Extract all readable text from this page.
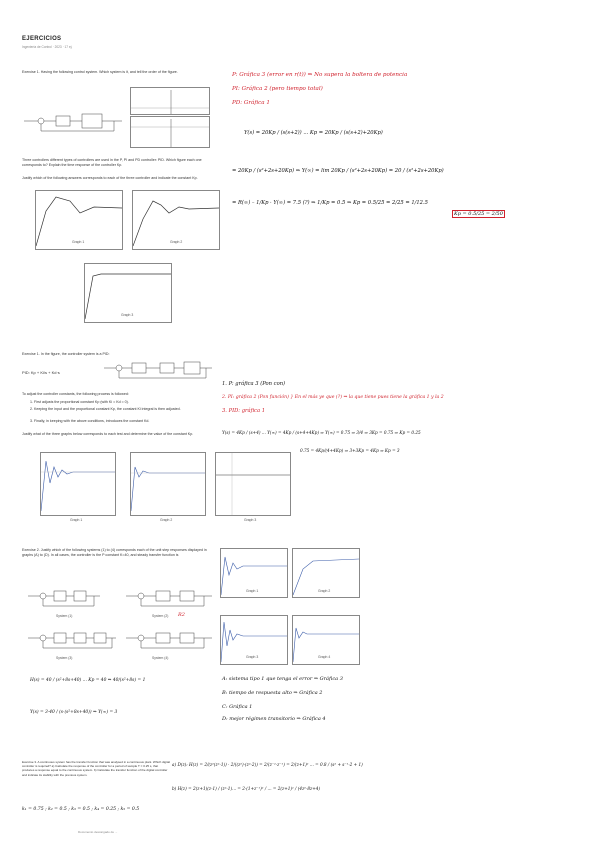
EJERCICIOS
Ingeniería de Control · 2023 · 17 ej.
Exercise 1. Having the following control system. Which system is it, and tell the order of the figure.
Three controllers different types of controllers are used in the P, PI and PD controller: PID. Which figure each one corresponds to? Explain the time response of the controller Kp.
Justify which of the following answers corresponds to each of the three controller and indicate the constant Kp.
Graph 1	Graph 2
Graph 3
P: Gráfica 3 (error en r(t)) ⇒ No supera la boltera de potencia
PI: Gráfica 2 (pero tiempo total)
PD: Gráfica 1
Y(s) = 20Kp / (s(s+2)) ... Kp = 20Kp / (s(s+2)+20Kp)
= 20Kp / (s²+2s+20Kp) ⇒ Y(∞) = lim 20Kp / (s²+2s+20Kp) = 20 / (s²+2s+20Kp)
= R(∞) – 1/Kp · Y(∞) = 7.5 (?) ⇒ 1/Kp = 0.5 ⇒ Kp = 0.5/25 = 2/25 = 1/12.5
Kp = 0.5/25 = 2/50
Exercise 1. In the figure, the controller system is a PID:
PID: Kp + Ki/s + Kd·s
To adjust the controller constants, the following process is followed:
1. First adjusts the proportional constant Kp (with Ki = Kd = 0).
2. Keeping the input and the proportional constant Kp, the constant Ki integral is then adjusted.
3. Finally, in keeping with the above conditions, introduces the constant Kd.
Justify what of the three graphs below corresponds to each test and determine the value of the constant Kp.
Graph 1	Graph 2	Graph 3
1. P: gráfica 3 (Pon con)
2. PI: gráfica 2 (Pon función) } En el más ye que (?) ⇒ la que tiene pues tiene la gráfica 1 y la 2
3. PID: gráfica 1
Y(s) = 4Kp / (s+4) ... Y(∞) = 4Kp / (s+4+4Kp) ⇒ Y(∞) = 0.75 ⇒ 3/4 ⇒ 3Kp = 0.75 ⇒ Kp = 0.25
0.75 = 4Kp/(4+4Kp) ⇒ 3+3Kp = 4Kp ⇒ Kp = 3
Exercise 2. Justify which of the following systems (1) to (4) corresponds each of the unit step responses displayed in graphs (A) to (D). In all cases, the controller is the P constant K=40, and steady transfer function is
System (1)	System (2)
System (3)	System (4)
R2
Graph 1	Graph 2
Graph 3	Graph 4
A: sistema tipo 1 que tenga el error ⇒ Gráfica 3
B: tiempo de respuesta alto ⇒ Gráfica 2
C: Gráfica 1
D: mejor régimen transitorio ⇒ Gráfica 4
H(s) = 40 / (s²+8s+40) ... Kp = 40 ⇒ 40/(s²+8s) = 1
Y(s) = 3·40 / (s·(s²+8s+40)) ⇒ Y(∞) = 3
Exercise 3. A continuous system has the transfer function that was analysed in a continuous plant. Which digital controller is required? a) Calculate the response of the controller for a period of sample T = 0.25 s, that produces a response equal to the continuous system. b) Calculate the transfer function of the digital controller and indicate its stability with the previous system.
a) D(z): H(z) = 2/(z²(z²-1)) · 2/((z²)·(z²-2)) = 2/(z⁻²·z⁻¹) = 2/(z+1)² ... = 0.8 / (s² + s⁻¹·2 + 1)
b) H(z) = 2(z+1)(z-1) / (z²-1)... = 2·(1+z⁻¹)² / ... = 2(z+1)² / (4z²-8z+4)
k₁ = 0.75 ; k₂ = 0.5 ; k₃ = 0.5 ; k₄ = 0.25 ; k₅ = 0.5
Documento descargado de ...
